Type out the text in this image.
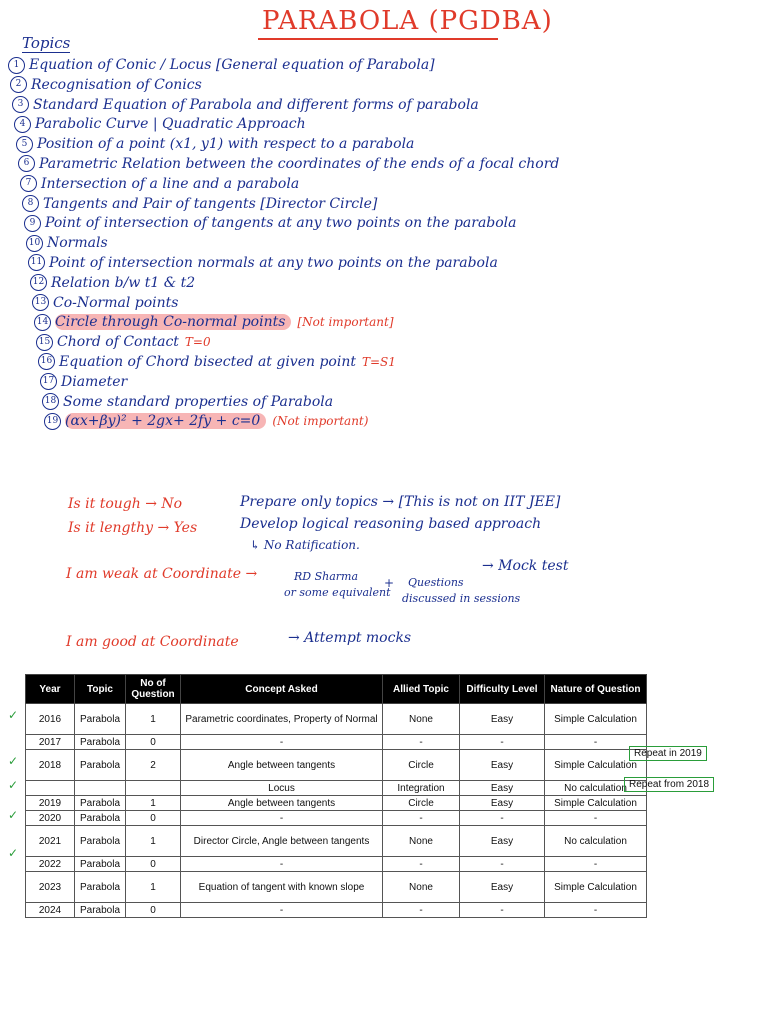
PARABOLA (PGDBA)
Topics
1 Equation of Conic / Locus [General equation of Parabola]
2 Recognisation of Conics
3 Standard Equation of Parabola and different forms of parabola
4 Parabolic Curve | Quadratic Approach
5 Position of a point (x1, y1) with respect to a parabola
6 Parametric Relation between the coordinates of the ends of a focal chord
7 Intersection of a line and a parabola
8 Tangents and Pair of tangents [Director Circle]
9 Point of intersection of tangents at any two points on the parabola
10 Normals
11 Point of intersection normals at any two points on the parabola
12 Relation b/w t1 & t2
13 Co-Normal points
14 Circle through Co-normal points [Not important]
15 Chord of Contact T=0
16 Equation of Chord bisected at given point T=S1
17 Diameter
18 Some standard properties of Parabola
19 (αx+βy)² + 2gx+ 2fy + c=0 (Not important)
Is it tough → No	Prepare only topics → [This is not on IIT JEE]
Is it lengthy → Yes	Develop logical reasoning based approach
↳ No Ratification.
I am weak at Coordinate →	RD Sharma
or some equivalent
+ Questions
discussed in sessions
→ Mock test
I am good at Coordinate	→ Attempt mocks
Year	Topic	No of Question	Concept Asked	Allied Topic	Difficulty Level	Nature of Question
2016	Parabola	1	Parametric coordinates, Property of Normal	None	Easy	Simple Calculation
2017	Parabola	0	-	-	-	-
2018	Parabola	2	Angle between tangents	Circle	Easy	Simple Calculation
			Locus	Integration	Easy	No calculation
2019	Parabola	1	Angle between tangents	Circle	Easy	Simple Calculation
2020	Parabola	0	-	-	-	-
2021	Parabola	1	Director Circle, Angle between tangents	None	Easy	No calculation
2022	Parabola	0	-	-	-	-
2023	Parabola	1	Equation of tangent with known slope	None	Easy	Simple Calculation
2024	Parabola	0	-	-	-	-
Repeat in 2019
Repeat from 2018
✓
✓
✓
✓
✓
